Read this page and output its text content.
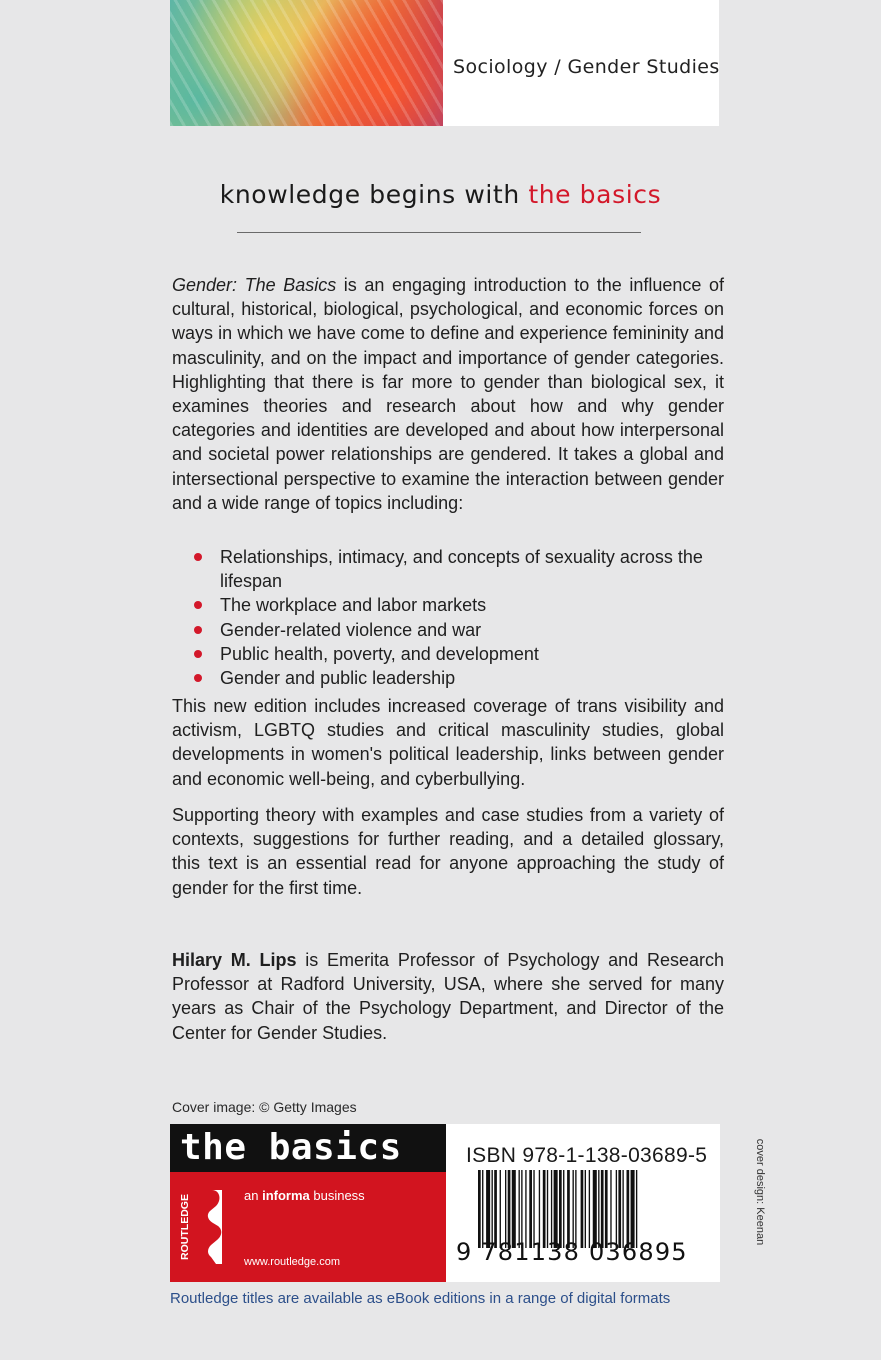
Sociology / Gender Studies
knowledge begins with the basics
Gender: The Basics is an engaging introduction to the influence of cultural, historical, biological, psychological, and economic forces on ways in which we have come to define and experience femininity and masculinity, and on the impact and importance of gender categories. Highlighting that there is far more to gender than biological sex, it examines theories and research about how and why gender categories and identities are developed and about how interpersonal and societal power relationships are gendered. It takes a global and intersectional perspective to examine the interaction between gender and a wide range of topics including:
Relationships, intimacy, and concepts of sexuality across the lifespan
The workplace and labor markets
Gender-related violence and war
Public health, poverty, and development
Gender and public leadership
This new edition includes increased coverage of trans visibility and activism, LGBTQ studies and critical masculinity studies, global developments in women's political leadership, links between gender and economic well-being, and cyberbullying.
Supporting theory with examples and case studies from a variety of contexts, suggestions for further reading, and a detailed glossary, this text is an essential read for anyone approaching the study of gender for the first time.
Hilary M. Lips is Emerita Professor of Psychology and Research Professor at Radford University, USA, where she served for many years as Chair of the Psychology Department, and Director of the Center for Gender Studies.
Cover image: © Getty Images
the basics
ROUTLEDGE	an informa business
www.routledge.com
ISBN 978-1-138-03689-5
9 781138 036895
cover design: Keenan
Routledge titles are available as eBook editions in a range of digital formats
